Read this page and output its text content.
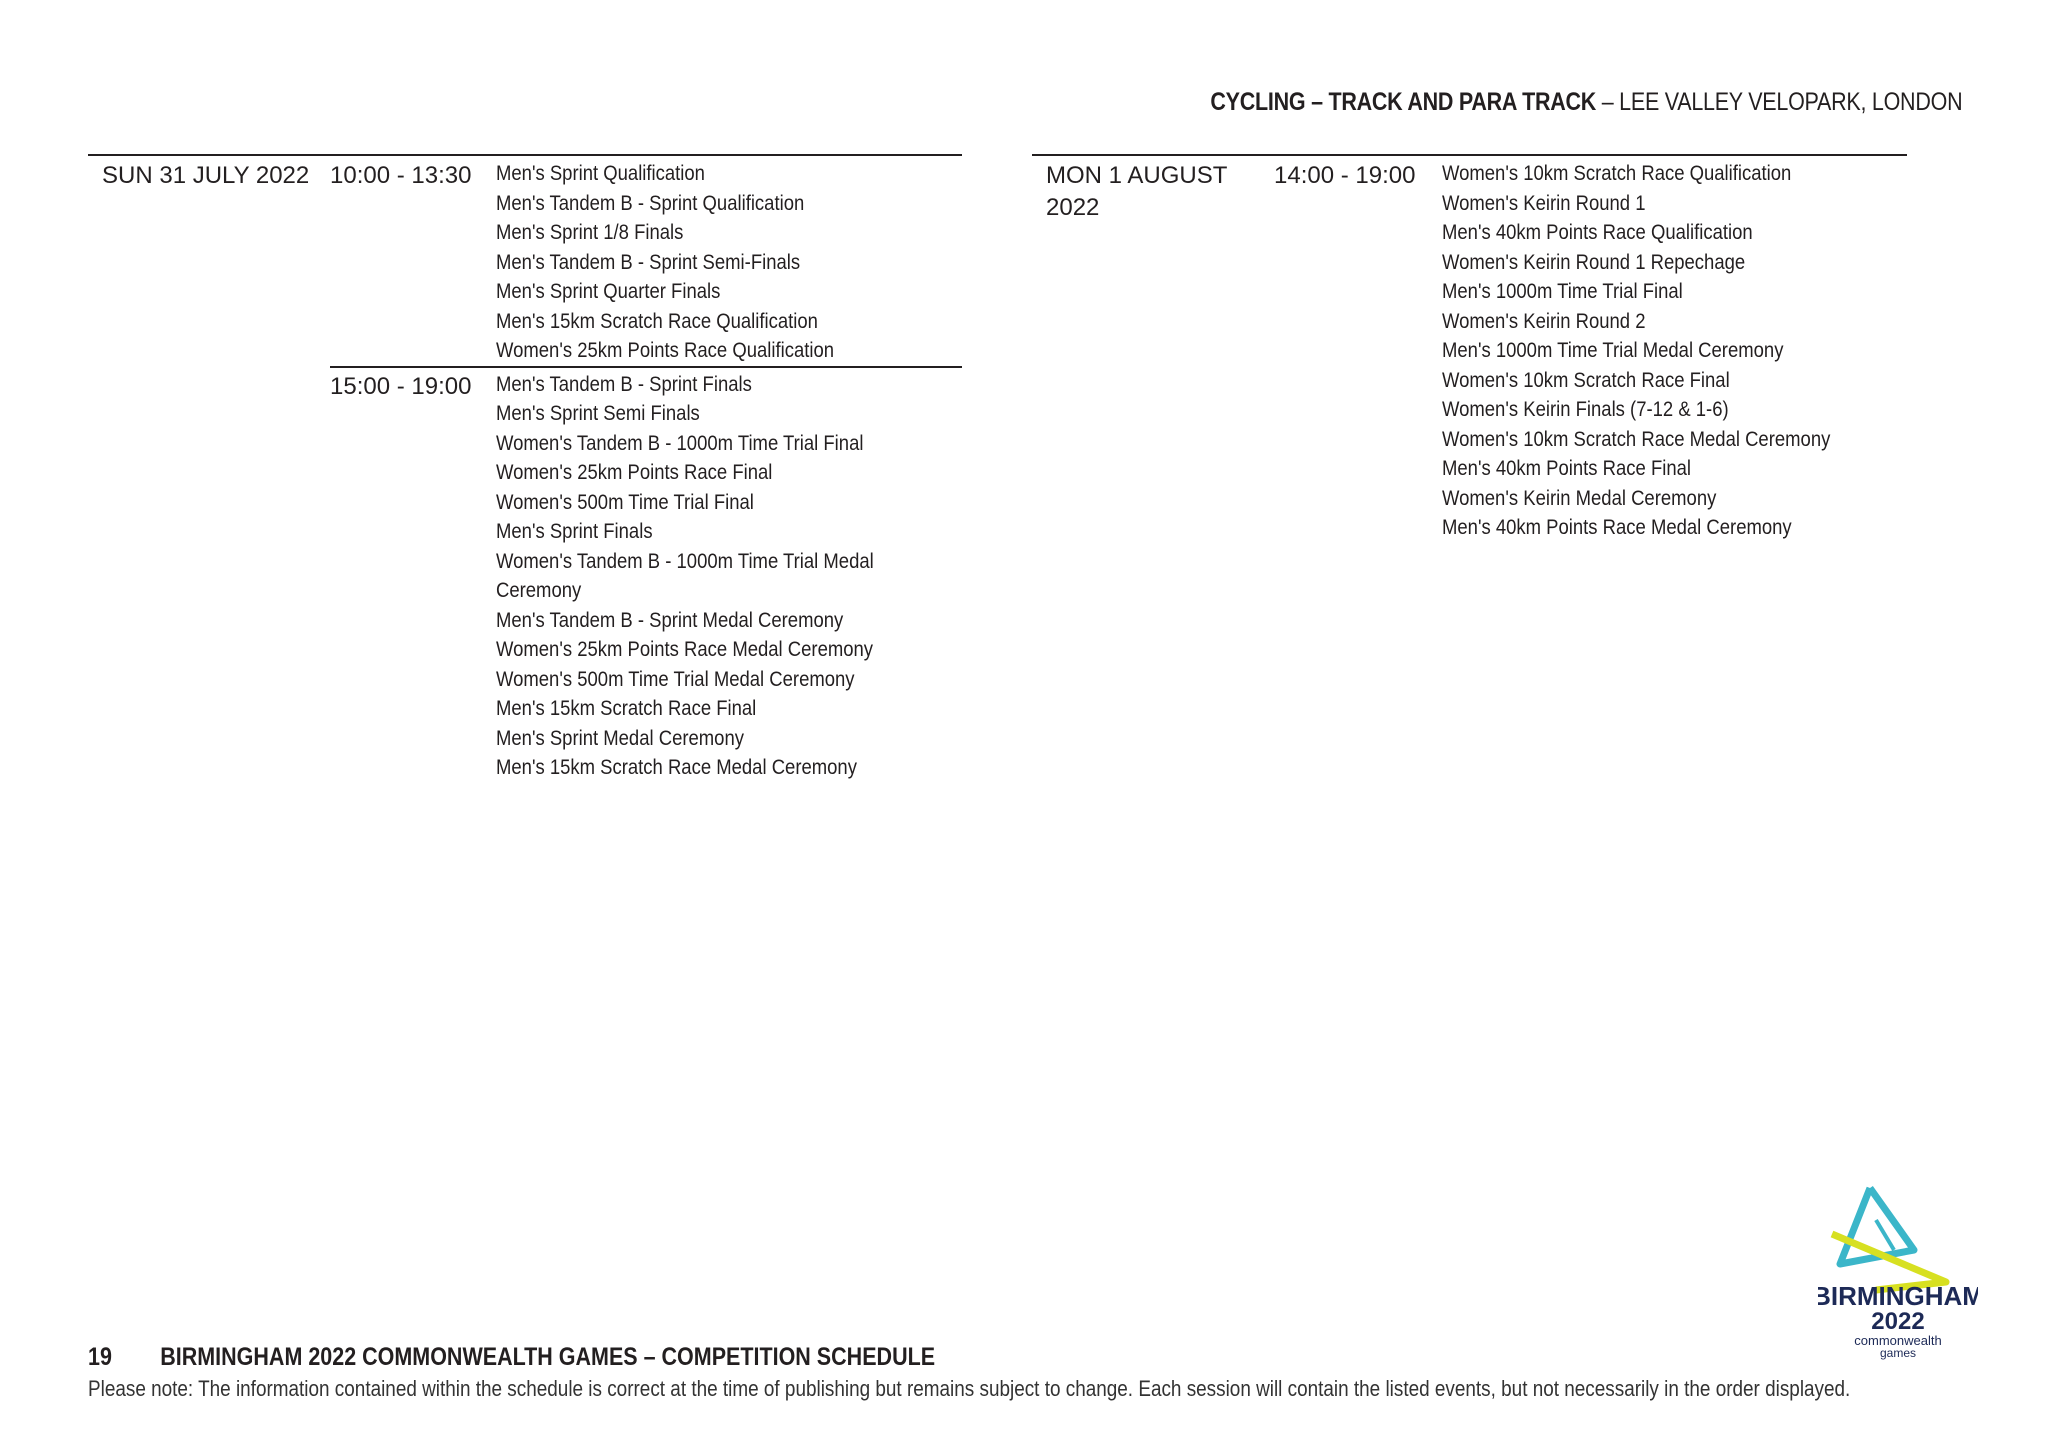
CYCLING – TRACK AND PARA TRACK – LEE VALLEY VELOPARK, LONDON
SUN 31 JULY 2022 10:00 - 13:30	Men's Sprint Qualification
Men's Tandem B - Sprint Qualification
Men's Sprint 1/8 Finals
Men's Tandem B - Sprint Semi-Finals
Men's Sprint Quarter Finals
Men's 15km Scratch Race Qualification
Women's 25km Points Race Qualification
15:00 - 19:00	Men's Tandem B - Sprint Finals
Men's Sprint Semi Finals
Women's Tandem B - 1000m Time Trial Final
Women's 25km Points Race Final
Women's 500m Time Trial Final
Men's Sprint Finals
Women's Tandem B - 1000m Time Trial Medal Ceremony
Men's Tandem B - Sprint Medal Ceremony
Women's 25km Points Race Medal Ceremony
Women's 500m Time Trial Medal Ceremony
Men's 15km Scratch Race Final
Men's Sprint Medal Ceremony
Men's 15km Scratch Race Medal Ceremony
MON 1 AUGUST 2022
14:00 - 19:00	Women's 10km Scratch Race Qualification
Women's Keirin Round 1
Men's 40km Points Race Qualification
Women's Keirin Round 1 Repechage
Men's 1000m Time Trial Final
Women's Keirin Round 2
Men's 1000m Time Trial Medal Ceremony
Women's 10km Scratch Race Final
Women's Keirin Finals (7-12 & 1-6)
Women's 10km Scratch Race Medal Ceremony
Men's 40km Points Race Final
Women's Keirin Medal Ceremony
Men's 40km Points Race Medal Ceremony
BIRMINGHAM
2022
commonwealth
games
19 BIRMINGHAM 2022 COMMONWEALTH GAMES – COMPETITION SCHEDULE
Please note: The information contained within the schedule is correct at the time of publishing but remains subject to change. Each session will contain the listed events, but not necessarily in the order displayed.
